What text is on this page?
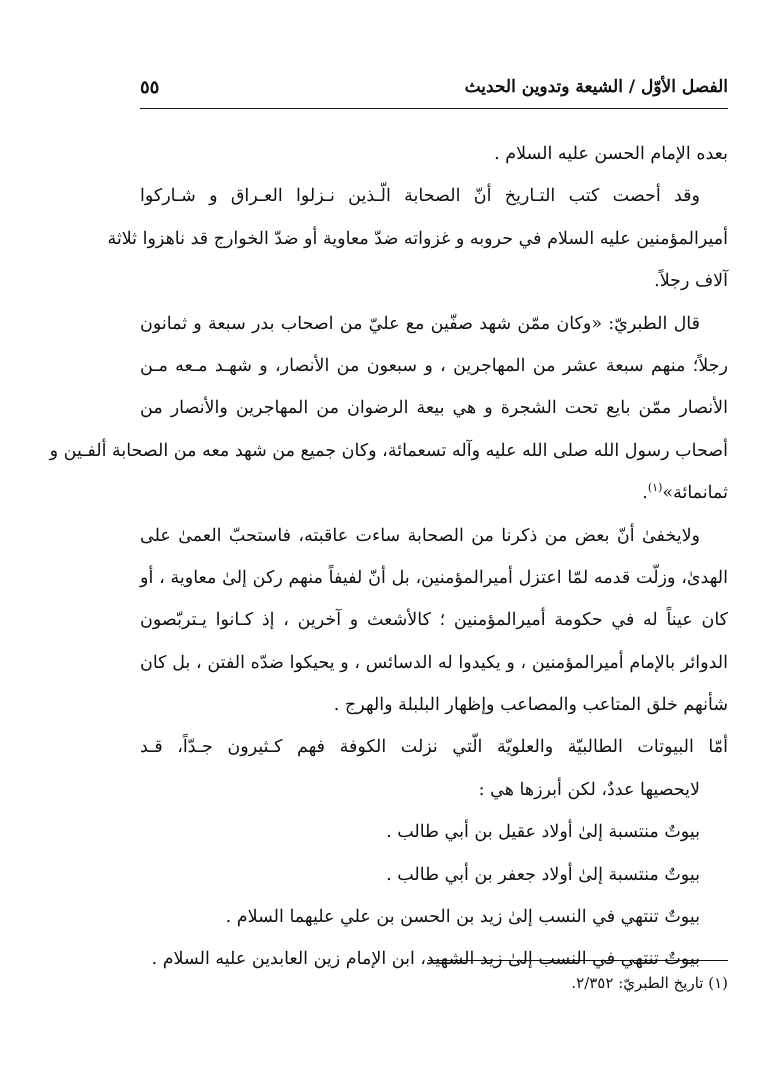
٥٥	الفصل الأوّل / الشيعة وتدوين الحديث
بعده الإمام الحسن عليه السلام .
وقد أحصت كتب التـاريخ أنّ الصحابة الّـذين نـزلوا العـراق و شـاركوا
أميرالمؤمنين عليه السلام في حروبه و غزواته ضدّ معاوية أو ضدّ الخوارج قد ناهزوا ثلاثة
آلاف رجلاً.
قال الطبريّ: «وكان ممّن شهد صفّين مع عليّ من اصحاب بدر سبعة و ثمانون
رجلاً؛ منهم سبعة عشر من المهاجرين ، و سبعون من الأنصار، و شهـد مـعه مـن
الأنصار ممّن بايع تحت الشجرة و هي بيعة الرضوان من المهاجرين والأنصار من
أصحاب رسول الله صلى الله عليه وآله تسعمائة، وكان جميع من شهد معه من الصحابة ألفـين و
ثمانمائة»$^{(١)}$.
ولايخفىٰ أنّ بعض من ذكرنا من الصحابة ساءت عاقبته، فاستحبّ العمىٰ على
الهدىٰ، وزلّت قدمه لمّا اعتزل أميرالمؤمنين، بل أنّ لفيفاً منهم ركن إلىٰ معاوية ، أو
كان عيناً له في حكومة أميرالمؤمنين ؛ كالأشعث و آخرين ، إذ كـانوا يـتربّصون
الدوائر بالإمام أميرالمؤمنين ، و يكيدوا له الدسائس ، و يحيكوا ضدّه الفتن ، بل كان
شأنهم خلق المتاعب والمصاعب وإظهار البلبلة والهرج .
أمّا البيوتات الطالبيّة والعلويّة الّتي نزلت الكوفة فهم كـثيرون جـدّاً، قـد
لايحصيها عددٌ، لكن أبرزها هي :
بيوتٌ منتسبة إلىٰ أولاد عقيل بن أبي طالب .
بيوتٌ منتسبة إلىٰ أولاد جعفر بن أبي طالب .
بيوتٌ تنتهي في النسب إلىٰ زيد بن الحسن بن علي عليهما السلام .
بيوتٌ تنتهي في النسب إلىٰ زيد الشهيد، ابن الإمام زين العابدين عليه السلام .
(١) تاريخ الطبريّ: ٢/٣٥٢.
